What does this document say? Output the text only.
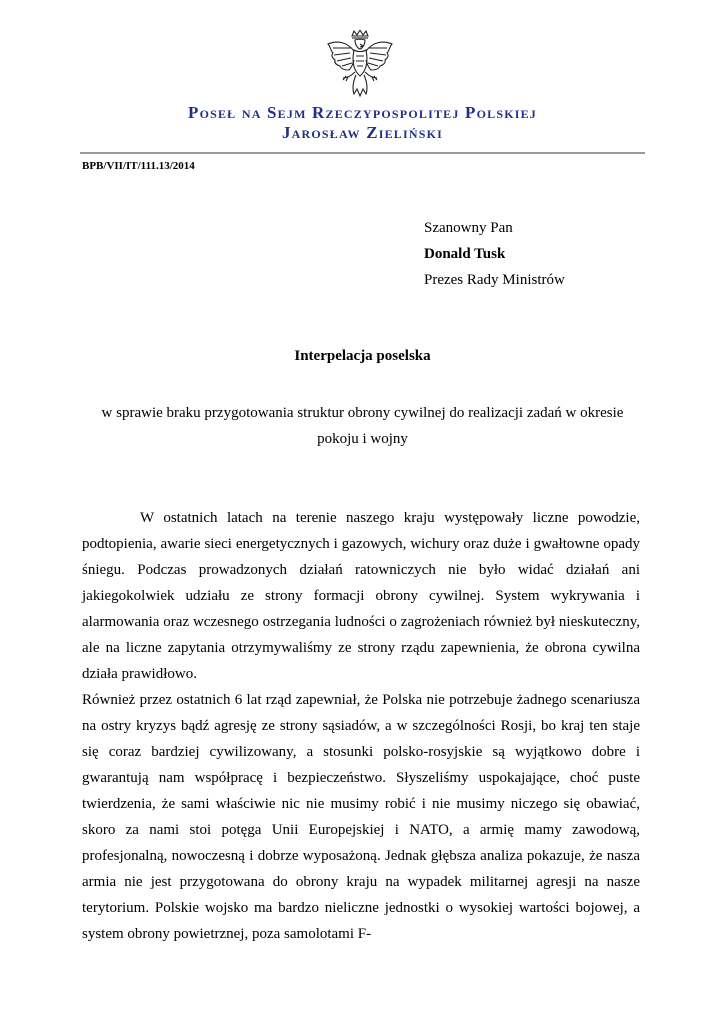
Poseł na Sejm Rzeczypospolitej Polskiej
Jarosław Zieliński
BPB/VII/IT/111.13/2014
Szanowny Pan
Donald Tusk
Prezes Rady Ministrów
Interpelacja poselska
w sprawie braku przygotowania struktur obrony cywilnej do realizacji zadań w okresie pokoju i wojny

W ostatnich latach na terenie naszego kraju występowały liczne powodzie, podtopienia, awarie sieci energetycznych i gazowych, wichury oraz duże i gwałtowne opady śniegu. Podczas prowadzonych działań ratowniczych nie było widać działań ani jakiegokolwiek udziału ze strony formacji obrony cywilnej. System wykrywania i alarmowania oraz wczesnego ostrzegania ludności o zagrożeniach również był nieskuteczny, ale na liczne zapytania otrzymywaliśmy ze strony rządu zapewnienia, że obrona cywilna działa prawidłowo.

Również przez ostatnich 6 lat rząd zapewniał, że Polska nie potrzebuje żadnego scenariusza na ostry kryzys bądź agresję ze strony sąsiadów, a w szczególności Rosji, bo kraj ten staje się coraz bardziej cywilizowany, a stosunki polsko-rosyjskie są wyjątkowo dobre i gwarantują nam współpracę i bezpieczeństwo. Słyszeliśmy uspokajające, choć puste twierdzenia, że sami właściwie nic nie musimy robić i nie musimy niczego się obawiać, skoro za nami stoi potęga Unii Europejskiej i NATO, a armię mamy zawodową, profesjonalną, nowoczesną i dobrze wyposażoną. Jednak głębsza analiza pokazuje, że nasza armia nie jest przygotowana do obrony kraju na wypadek militarnej agresji na nasze terytorium. Polskie wojsko ma bardzo nieliczne jednostki o wysokiej wartości bojowej, a system obrony powietrznej, poza samolotami F-
